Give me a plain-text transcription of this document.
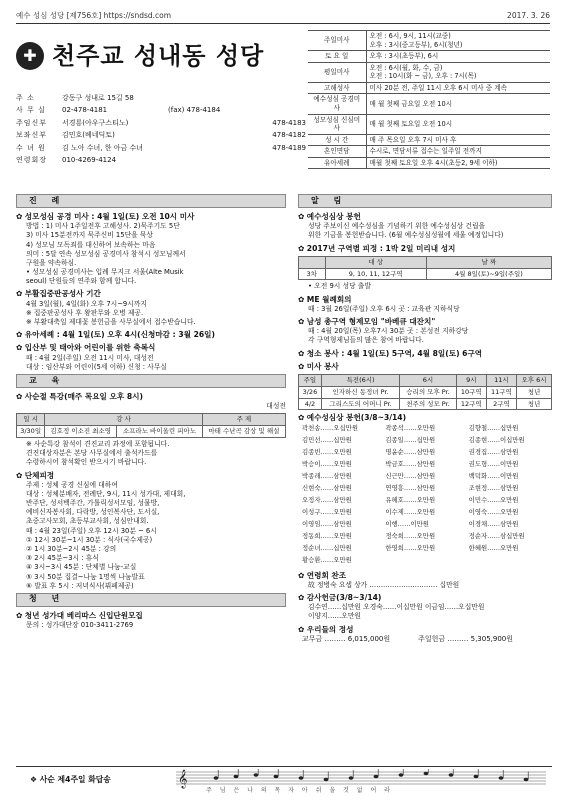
예수 성심 성당 [제756호] https://sndsd.com	2017. 3. 26
✚ 천주교 성내동 성당
주 소	강동구 성내로 15길 58
사 무 실	02-478-4181	(fax) 478-4184
주임신부	서경룡(아우구스티노)	478-4183
보좌신부	김민호(베네딕토)	478-4182
수 녀 원	김 노아 수녀, 한 아금 수녀	478-4189
연령회장	010-4269-4124
주일미사	오전 : 6시, 9시, 11시(교중)
오후 : 3시(중고등부), 6시(청년)

토 요 일	오후 : 3시(초등부), 6시

평일미사	오전 : 6시(월, 화, 수, 금)
오전 : 10시(화 ~ 금), 오후 : 7시(목)

고해성사	미사 20분 전, 주일 11시 오후 6시 미사 중 계속

예수성심 공경미사	매 월 첫째 금요일 오전 10시

성모성심 신심미사	매 월 첫째 토요일 오전 10시

성 시 간	매 주 목요일 오후 7시 미사 후

혼인면담	수시로, 면담서류 접수는 일주일 전까지

유아세례	매월 첫째 토요일 오후 4시(초등2, 9세 이하)
진 례
✿ 성모성심 공경 미사 : 4월 1일(토) 오전 10시 미사
방법 : 1) 미사 1주일전후 고해성사. 2)묵주기도 5단
3) 미사 15분전까지 묵주신비 15단을 묵상
4) 성모님 모독죄를 대신하여 보속하는 마음
의미 : 5달 연속 성모성심 공경미사 참석시 성모님께서
구원을 약속하심.
• 성모성심 공경미사는 입례 무지크 서울(Alte Musik
seoul) 단원들의 연주와 함께 합니다.
✿ 부활집중판공성사 기간
4월 3일(월), 4일(화) 오후 7시~9시까지
※ 집중판공성사 후 왕판무와 오병 제공.
※ 부활대축일 제대꽃 봉헌금을 사무실에서 접수받습니다.
✿ 유아세례 : 4월 1일(토) 오후 4시(신청마감 : 3월 26일)
✿ 입산부 및 태아와 어린이를 위한 축복식
때 : 4월 2일(주일) 오전 11시 미사, 대성전
대상 : 임산부와 어린이(5세 이하) 신청 : 사무실
교 육
✿ 사순절 특강(매주 목요일 오후 8시)
대성전
일 시	강 사		주 제
3/30일	김호정 이소진 최소영	소프라노 바이올린 피아노	마태 수난곡 감상 및 해설
※ 사순특강 참석이 견진교리 과정에 포함됩니다.
견진대상자분은 본당 사무실에서 출석카드를
수령하시어 참석확인 받으시기 바랍니다.
✿ 단체피정
주제 : 성체 공경 신심에 대하여
대상 : 성체분배자, 전례단, 9시, 11시 성가대, 제대회,
반주단, 성서백주간, 가톨릭성서모임, 성물방,
예비신자봉사회, 다락방, 성인복사단, 도서실,
초중고사모회, 초등부교사회, 성심안내회.
때 : 4월 23일(주일) 오후 12시 30분 ~ 6시
① 12시 30분~1시 30분 : 식사(국수제공)
② 1시 30분~2시 45분 : 강의
③ 2시 45분~3시 : 휴식
④ 3시~3시 45분 : 단체별 나눔-교실
⑤ 3시 50분 집결~나눔 1명씩 나눔발표
⑥ 발표 후 5시 : 저녁식사(뷔페제공)
청 년
✿ 청년 성가대 베리따스 신입단원모집
문의 : 성가대단장 010-3411-2769
알 림
✿ 예수성심상 봉헌
성당 주보이신 예수성심을 기념하기 위한 예수성심상 건립을
위한 기금을 봉헌받습니다. (6월 예수성심성월에 세울 예정입니다)
✿ 2017년 구역별 피정 : 1박 2일 미리내 성지
	대 상	날 짜
3차	9, 10, 11, 12구역	4월 8일(토)~9일(주일)
• 오전 9시 성당 출발
✿ ME 월례회의
때 : 3월 26일(주일) 오후 6시 곳 : 교육관 지하식당
✿ 남성 총구역 형제모임 "바베큐 대잔치"
때 : 4월 20일(목) 오후7시 30분 곳 : 본성전 지하강당
각 구역형제님들의 많은 참여 바랍니다.
✿ 청소 봉사 : 4월 1일(토) 5구역, 4월 8일(토) 6구역
✿ 미사 봉사
주일	특전(6시)	6시	9시	11시	오후 6시
3/26	인자하신 동정녀 Pr.	승리의 모후 Pr.	10구역	11구역	청년
4/2	그리스도의 어머니 Pr.	천주의 성모 Pr.	12구역	2구역	청년
✿ 예수성심상 봉헌(3/8~3/14)
곽천송……오십만원	곽종석……오만원	김향철……십만원
김민선……십만원	김종일……십만원	김종현……이십만원
김종빈……오만원	명윤순……삼만원	권경집……삼만원
박승이……오만원	박금호……삼만원	권도형……이만원
박종래……삼만원	신근만……삼만원	백덕화……이만원
신현숙……삼만원	연영흥……삼만원	조현정……삼만원
오정자……삼만원	유헤호……오만원	이민수……오만원
이성구……오만원	이수제……오만원	이영숙……오만원
이영임……삼만원	이행……이만원	이경채……삼만원
정동희……오만원	정숙희……오만원	정순자……삼십만원
정순녀……십만원	한영희……오만원	한혜원……오만원
황승환……오만원
✿ 연령회 찬조
故 정병숙 요셉 상가 ………………………… 십만원
✿ 감사헌금(3/8~3/14)
김수연……십만원 오경숙……이십만원 이금임……오십만원
이양지……오만원
✿ 우리들의 정성
교무금 ……… 6,015,000원	주일헌금 ……… 5,305,900원
❖ 사순 제4주일 화답송	𝄞
주 님 은 나 의 목 자 아 쉬 울 것 없 어 라
